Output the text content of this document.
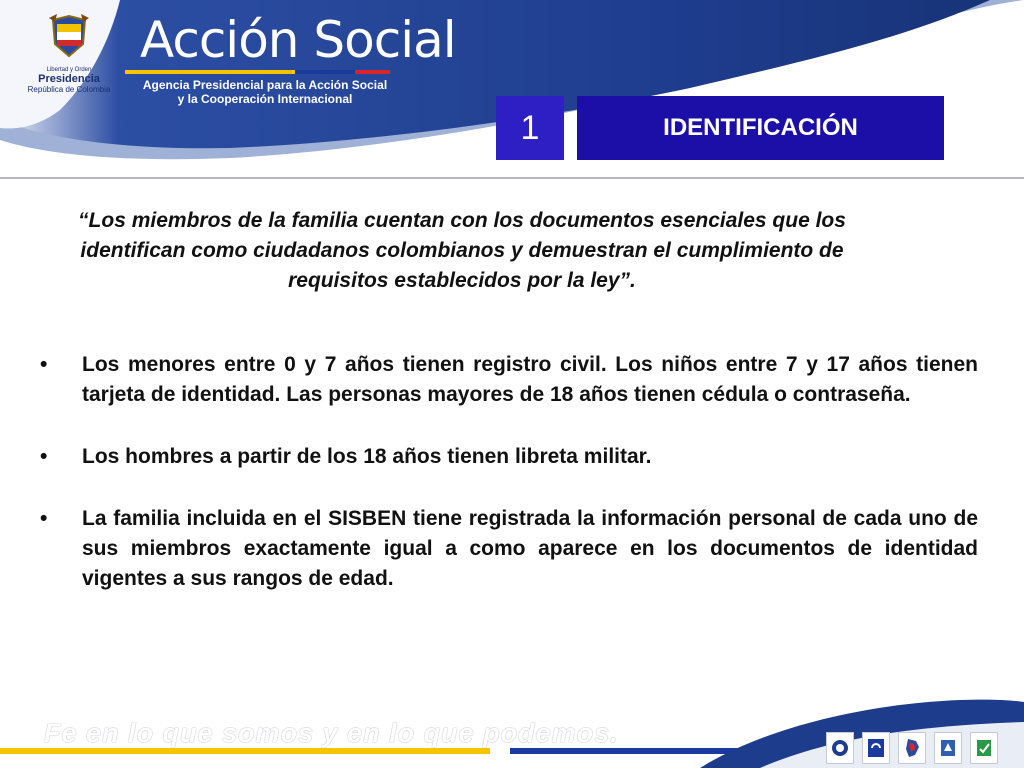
Libertad y Orden
Presidencia
República de Colombia
Acción Social
Agencia Presidencial para la Acción Social
y la Cooperación Internacional
1	IDENTIFICACIÓN
“Los miembros de la familia cuentan con los documentos esenciales que los identifican como ciudadanos colombianos y demuestran el cumplimiento de requisitos establecidos por la ley”.
• Los menores entre 0 y 7 años tienen registro civil. Los niños entre 7 y 17 años tienen tarjeta de identidad. Las personas mayores de 18 años tienen cédula o contraseña.
• Los hombres a partir de los 18 años tienen libreta militar.
• La familia incluida en el SISBEN tiene registrada la información personal de cada uno de sus miembros exactamente igual a como aparece en los documentos de identidad vigentes a sus rangos de edad.
Fe en lo que somos y en lo que podemos.
